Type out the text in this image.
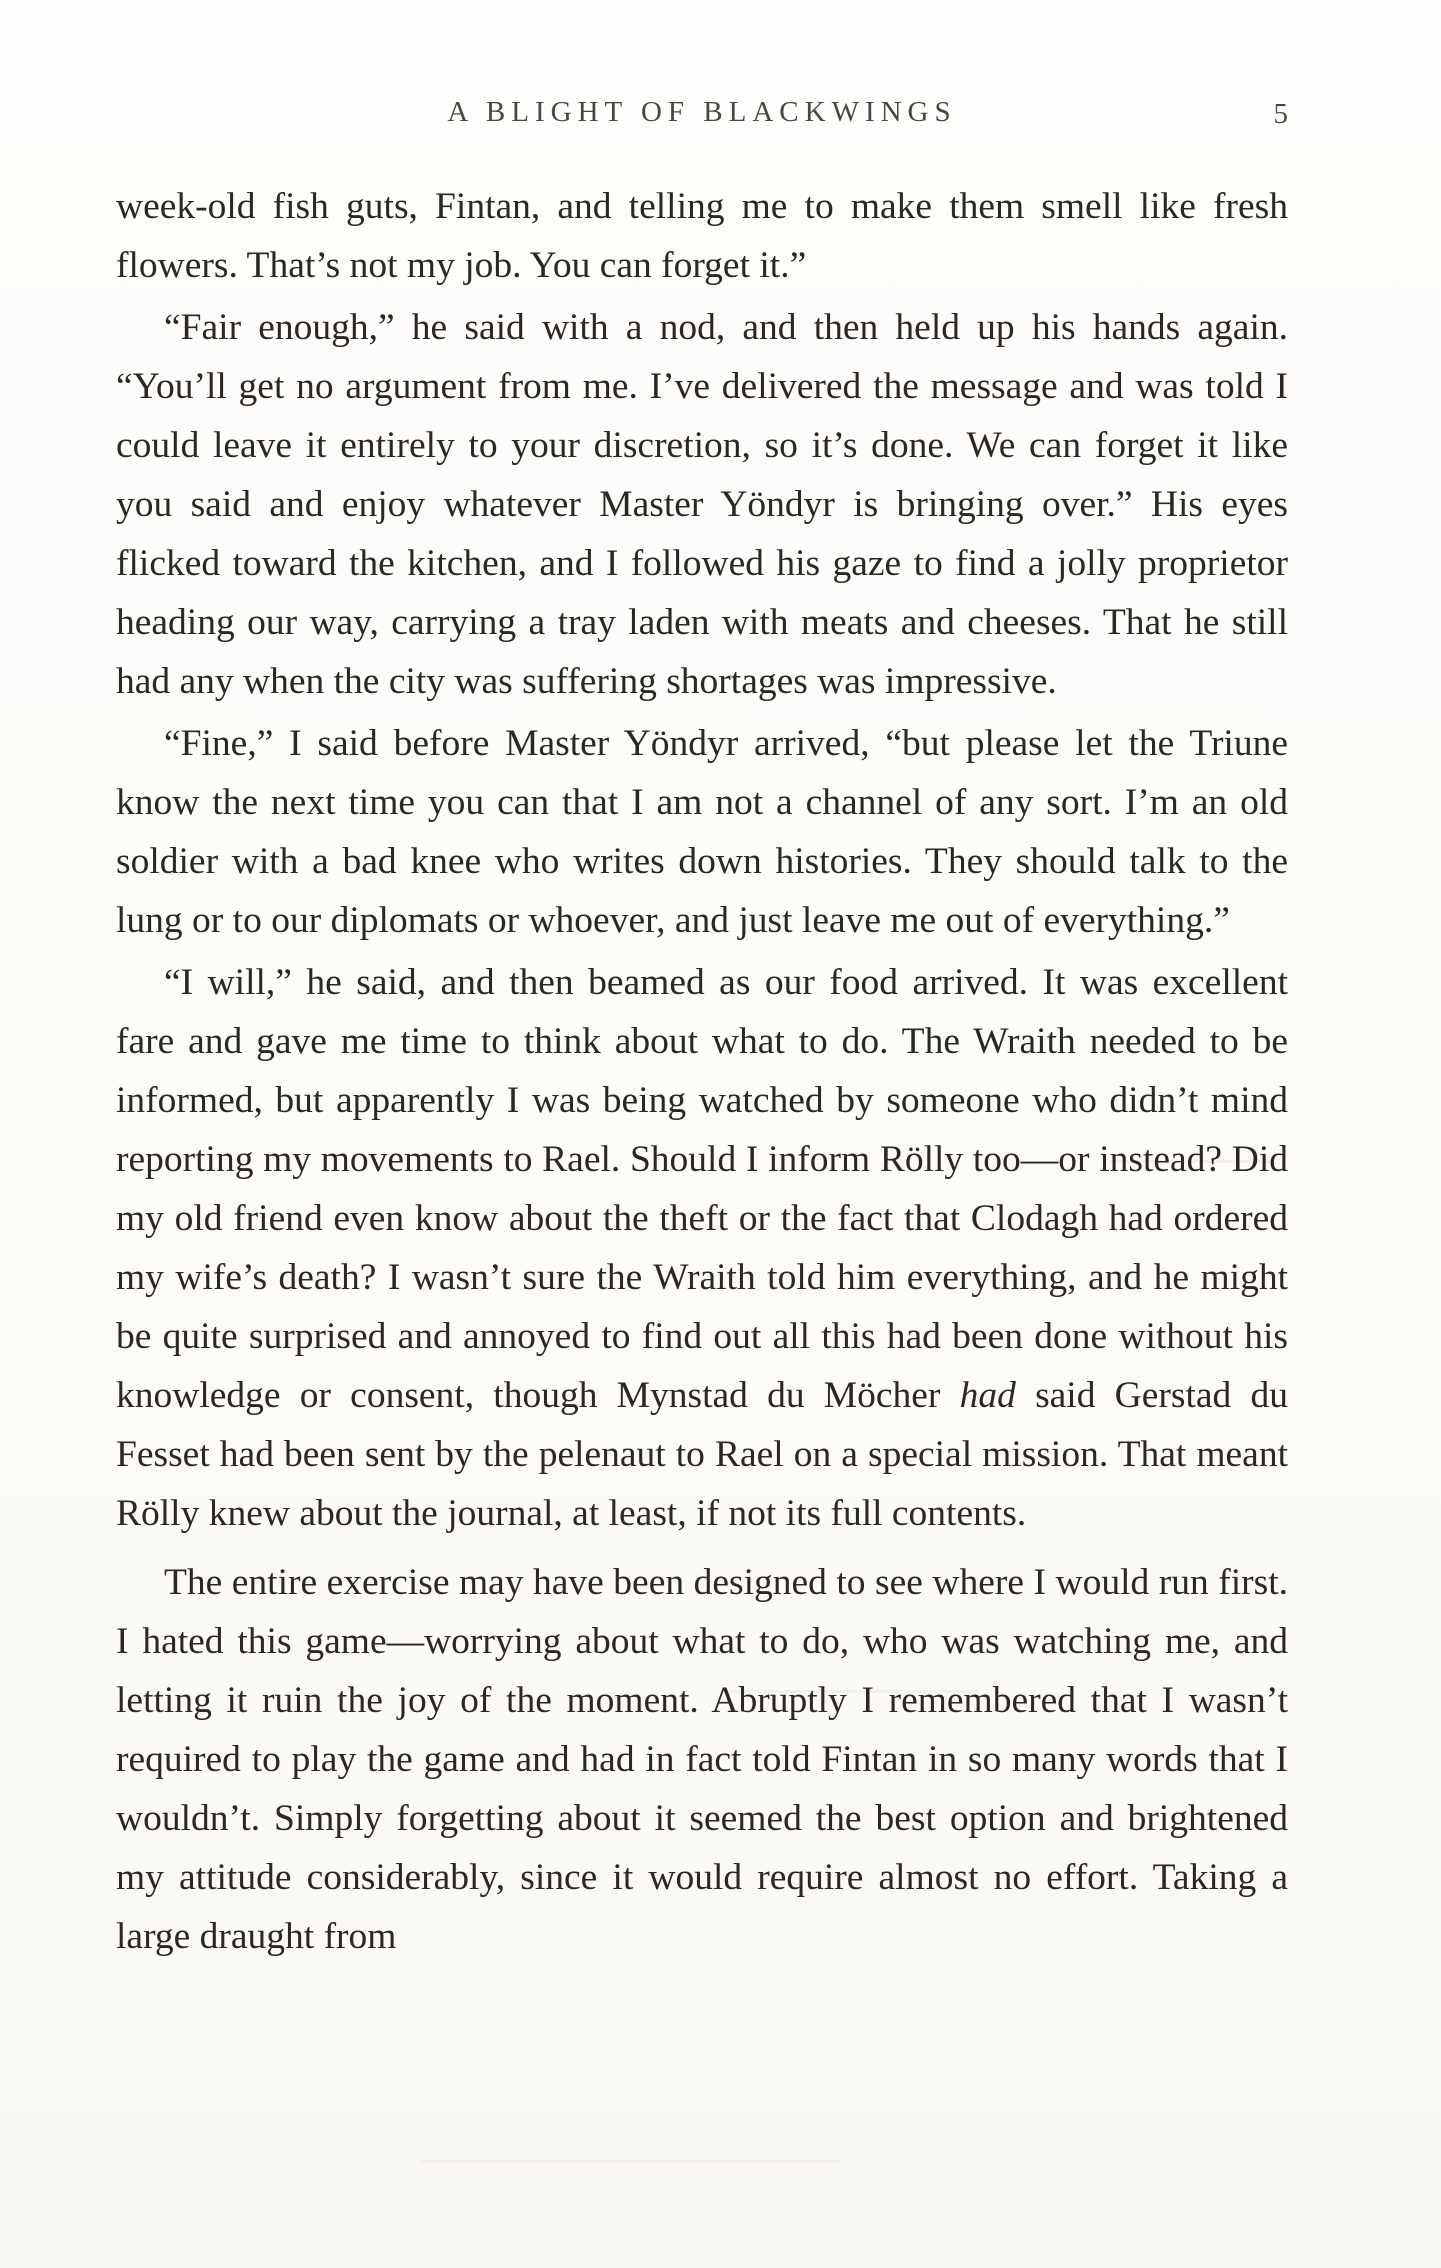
A BLIGHT OF BLACKWINGS	5

week-old fish guts, Fintan, and telling me to make them smell like fresh flowers. That’s not my job. You can forget it.”

“Fair enough,” he said with a nod, and then held up his hands again. “You’ll get no argument from me. I’ve delivered the message and was told I could leave it entirely to your discretion, so it’s done. We can forget it like you said and enjoy whatever Master Yöndyr is bringing over.” His eyes flicked toward the kitchen, and I followed his gaze to find a jolly proprietor heading our way, carrying a tray laden with meats and cheeses. That he still had any when the city was suffering shortages was impressive.

“Fine,” I said before Master Yöndyr arrived, “but please let the Triune know the next time you can that I am not a channel of any sort. I’m an old soldier with a bad knee who writes down histories. They should talk to the lung or to our diplomats or whoever, and just leave me out of everything.”

“I will,” he said, and then beamed as our food arrived. It was excellent fare and gave me time to think about what to do. The Wraith needed to be informed, but apparently I was being watched by someone who didn’t mind reporting my movements to Rael. Should I inform Rölly too—or instead? Did my old friend even know about the theft or the fact that Clodagh had ordered my wife’s death? I wasn’t sure the Wraith told him everything, and he might be quite surprised and annoyed to find out all this had been done without his knowledge or consent, though Mynstad du Möcher had said Gerstad du Fesset had been sent by the pelenaut to Rael on a special mission. That meant Rölly knew about the journal, at least, if not its full contents.

The entire exercise may have been designed to see where I would run first. I hated this game—worrying about what to do, who was watching me, and letting it ruin the joy of the moment. Abruptly I remembered that I wasn’t required to play the game and had in fact told Fintan in so many words that I wouldn’t. Simply forgetting about it seemed the best option and brightened my attitude considerably, since it would require almost no effort. Taking a large draught from
